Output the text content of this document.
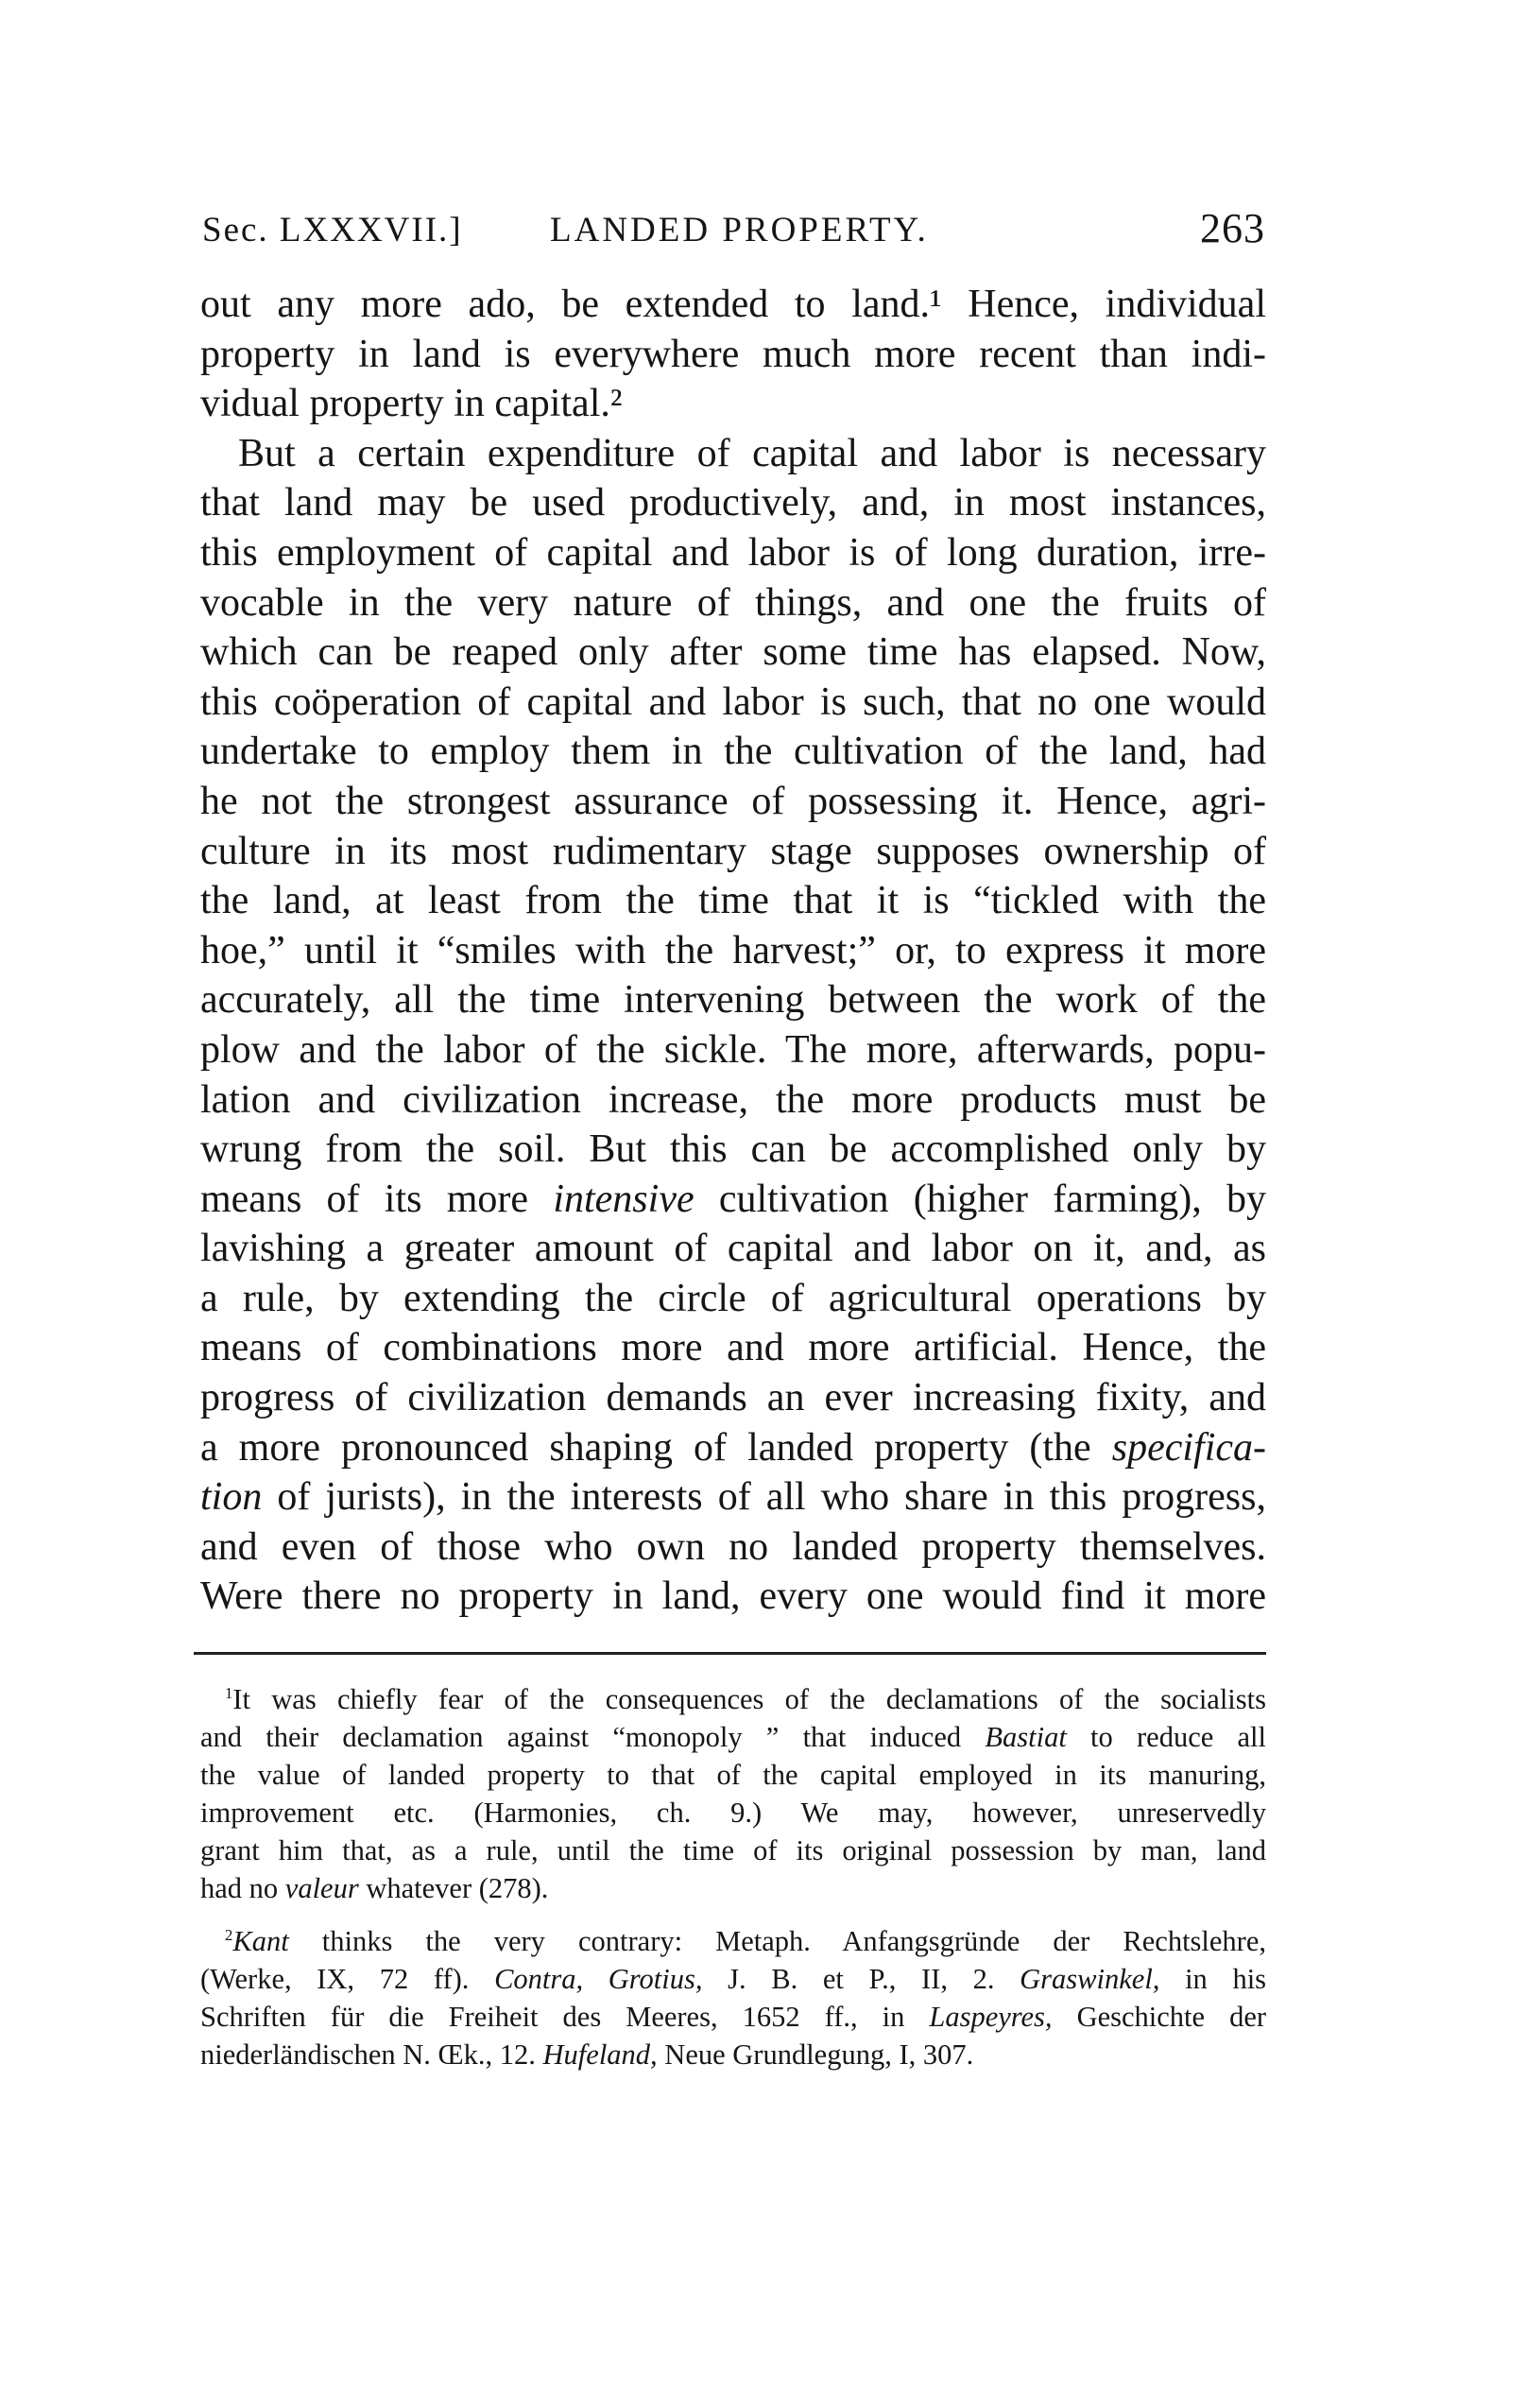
Sec. LXXXVII.] LANDED PROPERTY.	263
out any more ado, be extended to land.¹ Hence, individual
property in land is everywhere much more recent than indi-
vidual property in capital.²
But a certain expenditure of capital and labor is necessary
that land may be used productively, and, in most instances,
this employment of capital and labor is of long duration, irre-
vocable in the very nature of things, and one the fruits of
which can be reaped only after some time has elapsed. Now,
this coöperation of capital and labor is such, that no one would
undertake to employ them in the cultivation of the land, had
he not the strongest assurance of possessing it. Hence, agri-
culture in its most rudimentary stage supposes ownership of
the land, at least from the time that it is “tickled with the
hoe,” until it “smiles with the harvest;” or, to express it more
accurately, all the time intervening between the work of the
plow and the labor of the sickle. The more, afterwards, popu-
lation and civilization increase, the more products must be
wrung from the soil. But this can be accomplished only by
means of its more intensive cultivation (higher farming), by
lavishing a greater amount of capital and labor on it, and, as
a rule, by extending the circle of agricultural operations by
means of combinations more and more artificial. Hence, the
progress of civilization demands an ever increasing fixity, and
a more pronounced shaping of landed property (the specifica-
tion of jurists), in the interests of all who share in this progress,
and even of those who own no landed property themselves.
Were there no property in land, every one would find it more
$^1$It was chiefly fear of the consequences of the declamations of the socialists
and their declamation against “monopoly ” that induced Bastiat to reduce all
the value of landed property to that of the capital employed in its manuring,
improvement etc. (Harmonies, ch. 9.) We may, however, unreservedly
grant him that, as a rule, until the time of its original possession by man, land
had no valeur whatever (278).
$^2$Kant thinks the very contrary: Metaph. Anfangsgründe der Rechtslehre,
(Werke, IX, 72 ff). Contra, Grotius, J. B. et P., II, 2. Graswinkel, in his
Schriften für die Freiheit des Meeres, 1652 ff., in Laspeyres, Geschichte der
niederländischen N. Œk., 12. Hufeland, Neue Grundlegung, I, 307.
